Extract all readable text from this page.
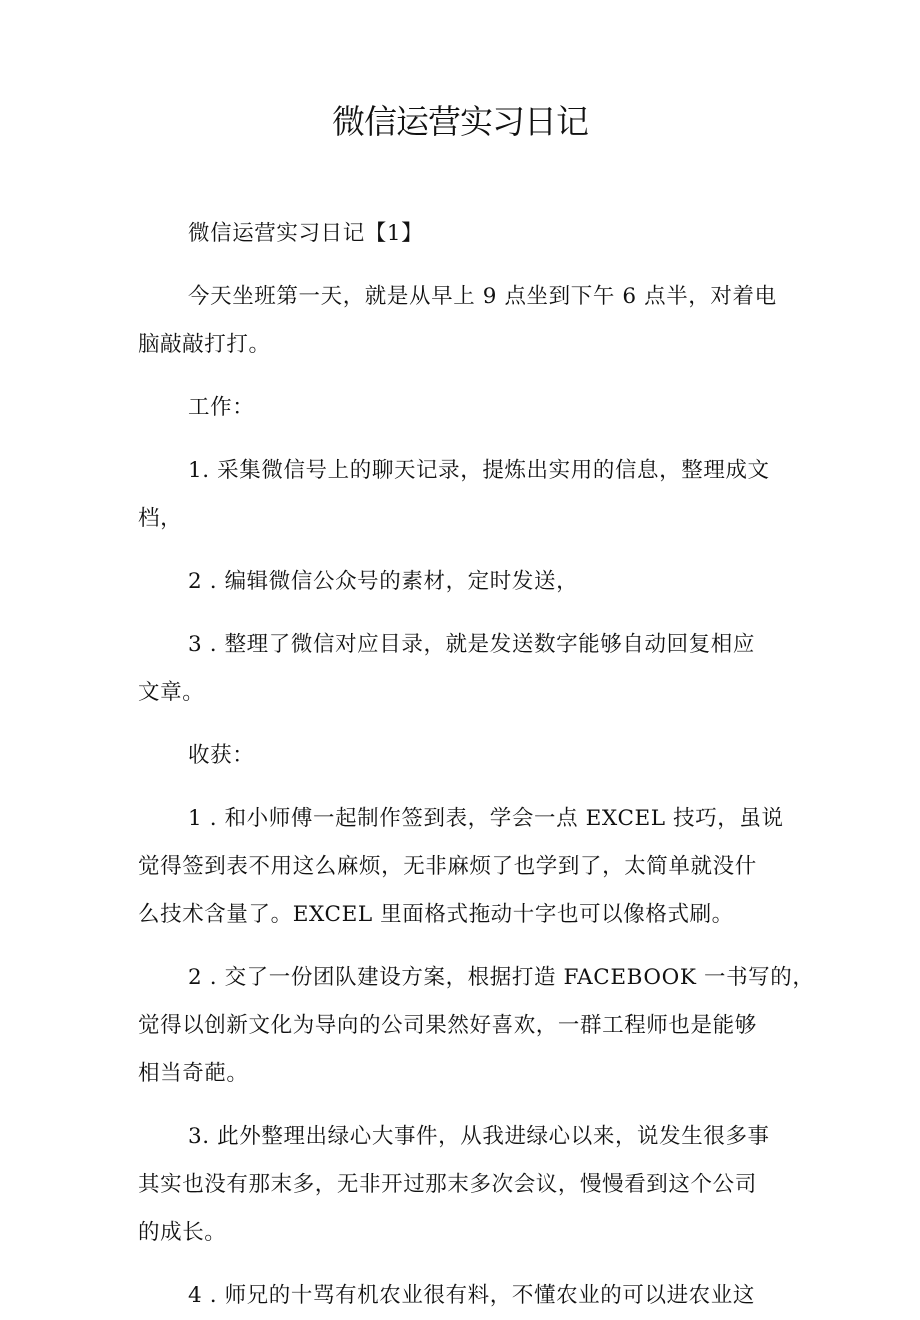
微信运营实习日记
微信运营实习日记【1】
今天坐班第一天，就是从早上 9 点坐到下午 6 点半，对着电
脑敲敲打打。
工作：
1. 采集微信号上的聊天记录，提炼出实用的信息，整理成文
档，
2 . 编辑微信公众号的素材，定时发送，
3 . 整理了微信对应目录，就是发送数字能够自动回复相应
文章。
收获：
1 . 和小师傅一起制作签到表，学会一点 EXCEL 技巧，虽说
觉得签到表不用这么麻烦，无非麻烦了也学到了，太简单就没什
么技术含量了。EXCEL 里面格式拖动十字也可以像格式刷。
2 . 交了一份团队建设方案，根据打造 FACEBOOK 一书写的，
觉得以创新文化为导向的公司果然好喜欢，一群工程师也是能够
相当奇葩。
3. 此外整理出绿心大事件，从我进绿心以来，说发生很多事
其实也没有那末多，无非开过那末多次会议，慢慢看到这个公司
的成长。
4 . 师兄的十骂有机农业很有料，不懂农业的可以进农业这
